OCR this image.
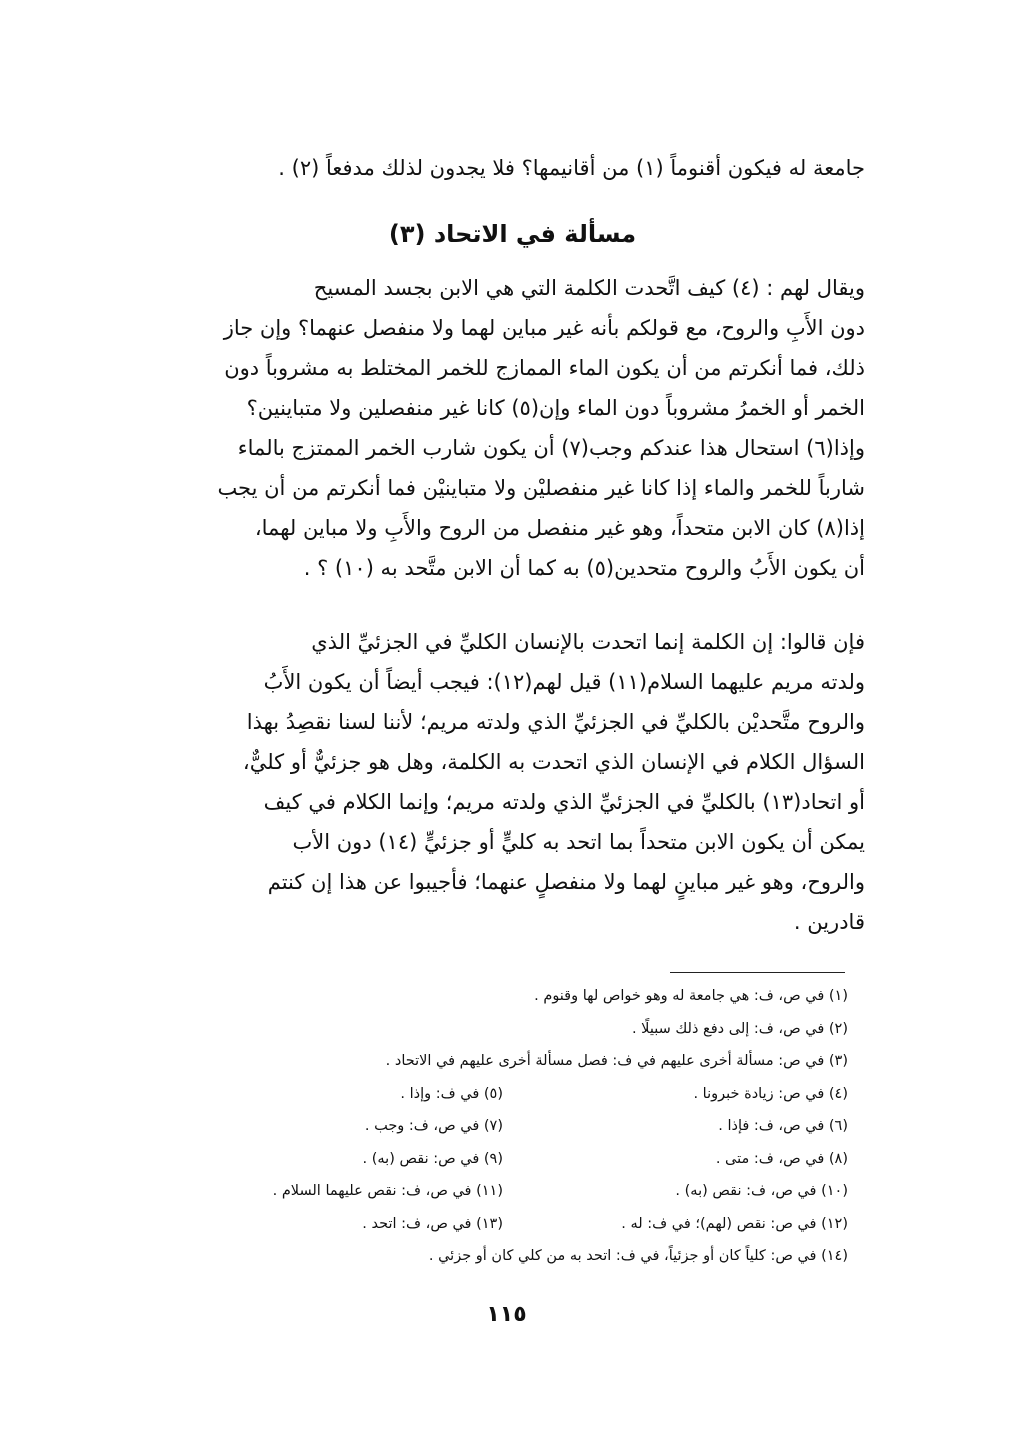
جامعة له فيكون أقنوماً (١) من أقانيمها؟ فلا يجدون لذلك مدفعاً (٢) .
مسألة في الاتحاد (٣)
ويقال لهم : (٤) كيف اتَّحدت الكلمة التي هي الابن بجسد المسيح
دون الأَبِ والروح، مع قولكم بأنه غير مباين لهما ولا منفصل عنهما؟ وإن جاز
ذلك، فما أنكرتم من أن يكون الماء الممازج للخمر المختلط به مشروباً دون
الخمر أو الخمرُ مشروباً دون الماء وإن(٥) كانا غير منفصلين ولا متباينين؟
وإذا(٦) استحال هذا عندكم وجب(٧) أن يكون شارب الخمر الممتزج بالماء
شارباً للخمر والماء إذا كانا غير منفصليْن ولا متباينيْن فما أنكرتم من أن يجب
إذا(٨) كان الابن متحداً، وهو غير منفصل من الروح والأَبِ ولا مباين لهما،
أن يكون الأَبُ والروح متحدين(٥) به كما أن الابن متَّحد به (١٠) ؟ .
فإن قالوا: إن الكلمة إنما اتحدت بالإنسان الكليِّ في الجزئيِّ الذي
ولدته مريم عليهما السلام(١١) قيل لهم(١٢): فيجب أيضاً أن يكون الأَبُ
والروح متَّحديْن بالكليِّ في الجزئيِّ الذي ولدته مريم؛ لأننا لسنا نقصِدُ بهذا
السؤال الكلام في الإنسان الذي اتحدت به الكلمة، وهل هو جزئيٌّ أو كليٌّ،
أو اتحاد(١٣) بالكليِّ في الجزئيِّ الذي ولدته مريم؛ وإنما الكلام في كيف
يمكن أن يكون الابن متحداً بما اتحد به كليٍّ أو جزئيٍّ (١٤) دون الأب
والروح، وهو غير مباينٍ لهما ولا منفصلٍ عنهما؛ فأجيبوا عن هذا إن كنتم
قادرين .
(١) في ص، ف: هي جامعة له وهو خواص لها وقنوم .
(٢) في ص، ف: إلى دفع ذلك سبيلًا .
(٣) في ص: مسألة أخرى عليهم في ف: فصل مسألة أخرى عليهم في الاتحاد .
(٤) في ص: زيادة خبرونا .
(٥) في ف: وإذا .
(٦) في ص، ف: فإذا .
(٧) في ص، ف: وجب .
(٨) في ص، ف: متى .
(٩) في ص: نقص (به) .
(١٠) في ص، ف: نقص (به) .
(١١) في ص، ف: نقص عليهما السلام .
(١٢) في ص: نقص (لهم)؛ في ف: له .
(١٣) في ص، ف: اتحد .
(١٤) في ص: كلياً كان أو جزئياً، في ف: اتحد به من كلي كان أو جزئي .
١١٥
